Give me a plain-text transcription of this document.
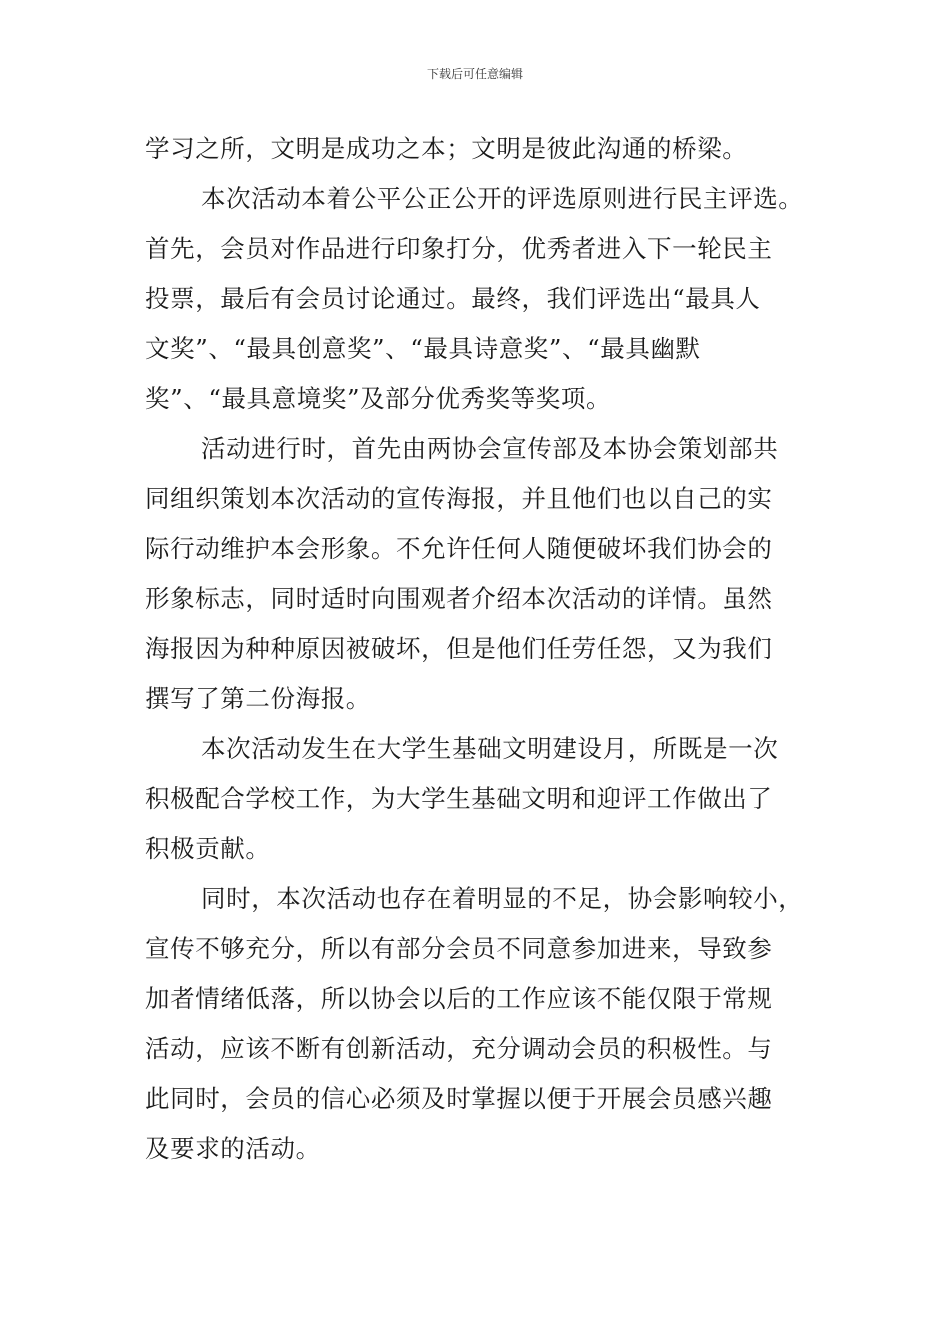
下载后可任意编辑
学习之所，文明是成功之本；文明是彼此沟通的桥梁。
本次活动本着公平公正公开的评选原则进行民主评选。
首先，会员对作品进行印象打分，优秀者进入下一轮民主
投票，最后有会员讨论通过。最终，我们评选出“最具人
文奖”、“最具创意奖”、“最具诗意奖”、“最具幽默
奖”、“最具意境奖”及部分优秀奖等奖项。
活动进行时，首先由两协会宣传部及本协会策划部共
同组织策划本次活动的宣传海报，并且他们也以自己的实
际行动维护本会形象。不允许任何人随便破坏我们协会的
形象标志，同时适时向围观者介绍本次活动的详情。虽然
海报因为种种原因被破坏，但是他们任劳任怨，又为我们
撰写了第二份海报。
本次活动发生在大学生基础文明建设月，所既是一次
积极配合学校工作，为大学生基础文明和迎评工作做出了
积极贡献。
同时，本次活动也存在着明显的不足，协会影响较小，
宣传不够充分，所以有部分会员不同意参加进来，导致参
加者情绪低落，所以协会以后的工作应该不能仅限于常规
活动，应该不断有创新活动，充分调动会员的积极性。与
此同时，会员的信心必须及时掌握以便于开展会员感兴趣
及要求的活动。
